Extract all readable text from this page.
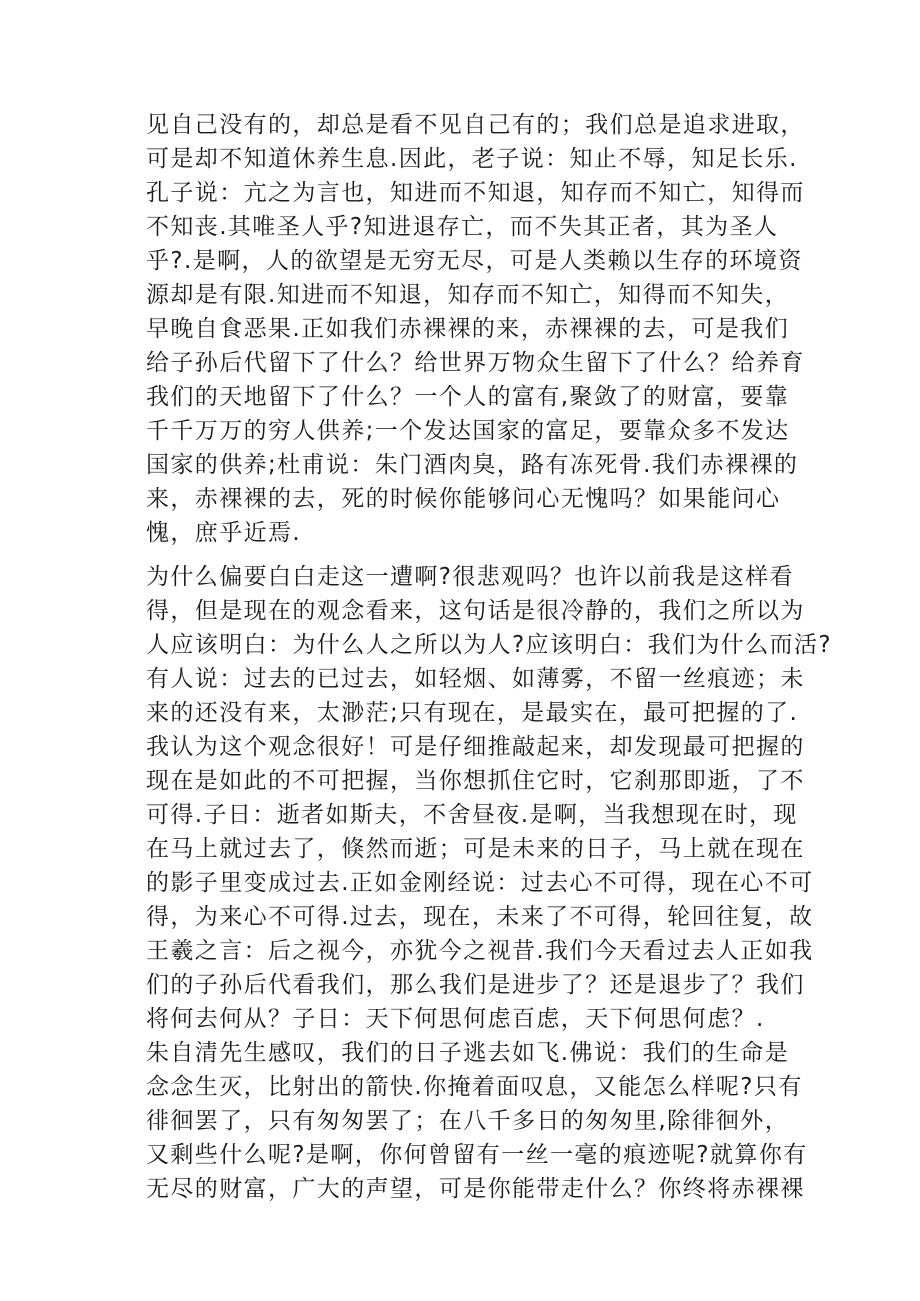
见自己没有的，却总是看不见自己有的；我们总是追求进取，
可是却不知道休养生息.因此，老子说：知止不辱，知足长乐.
孔子说：亢之为言也，知进而不知退，知存而不知亡，知得而
不知丧.其唯圣人乎?知进退存亡，而不失其正者，其为圣人
乎?.是啊，人的欲望是无穷无尽，可是人类赖以生存的环境资
源却是有限.知进而不知退，知存而不知亡，知得而不知失，
早晚自食恶果.正如我们赤裸裸的来，赤裸裸的去，可是我们
给子孙后代留下了什么？给世界万物众生留下了什么？给养育
我们的天地留下了什么？一个人的富有,聚敛了的财富，要靠
千千万万的穷人供养;一个发达国家的富足，要靠众多不发达
国家的供养;杜甫说：朱门酒肉臭，路有冻死骨.我们赤裸裸的
来，赤裸裸的去，死的时候你能够问心无愧吗？如果能问心
愧，庶乎近焉.
为什么偏要白白走这一遭啊?很悲观吗？也许以前我是这样看
得，但是现在的观念看来，这句话是很冷静的，我们之所以为
人应该明白：为什么人之所以为人?应该明白：我们为什么而活?
有人说：过去的已过去，如轻烟、如薄雾，不留一丝痕迹；未
来的还没有来，太渺茫;只有现在，是最实在，最可把握的了.
我认为这个观念很好！可是仔细推敲起来，却发现最可把握的
现在是如此的不可把握，当你想抓住它时，它刹那即逝，了不
可得.子日：逝者如斯夫，不舍昼夜.是啊，当我想现在时，现
在马上就过去了，倏然而逝；可是未来的日子，马上就在现在
的影子里变成过去.正如金刚经说：过去心不可得，现在心不可
得，为来心不可得.过去，现在，未来了不可得，轮回往复，故
王羲之言：后之视今，亦犹今之视昔.我们今天看过去人正如我
们的子孙后代看我们，那么我们是进步了？还是退步了？我们
将何去何从？子日：天下何思何虑百虑，天下何思何虑？.
朱自清先生感叹，我们的日子逃去如飞.佛说：我们的生命是
念念生灭，比射出的箭快.你掩着面叹息，又能怎么样呢?只有
徘徊罢了，只有匆匆罢了；在八千多日的匆匆里,除徘徊外，
又剩些什么呢?是啊，你何曾留有一丝一毫的痕迹呢?就算你有
无尽的财富，广大的声望，可是你能带走什么？你终将赤裸裸
